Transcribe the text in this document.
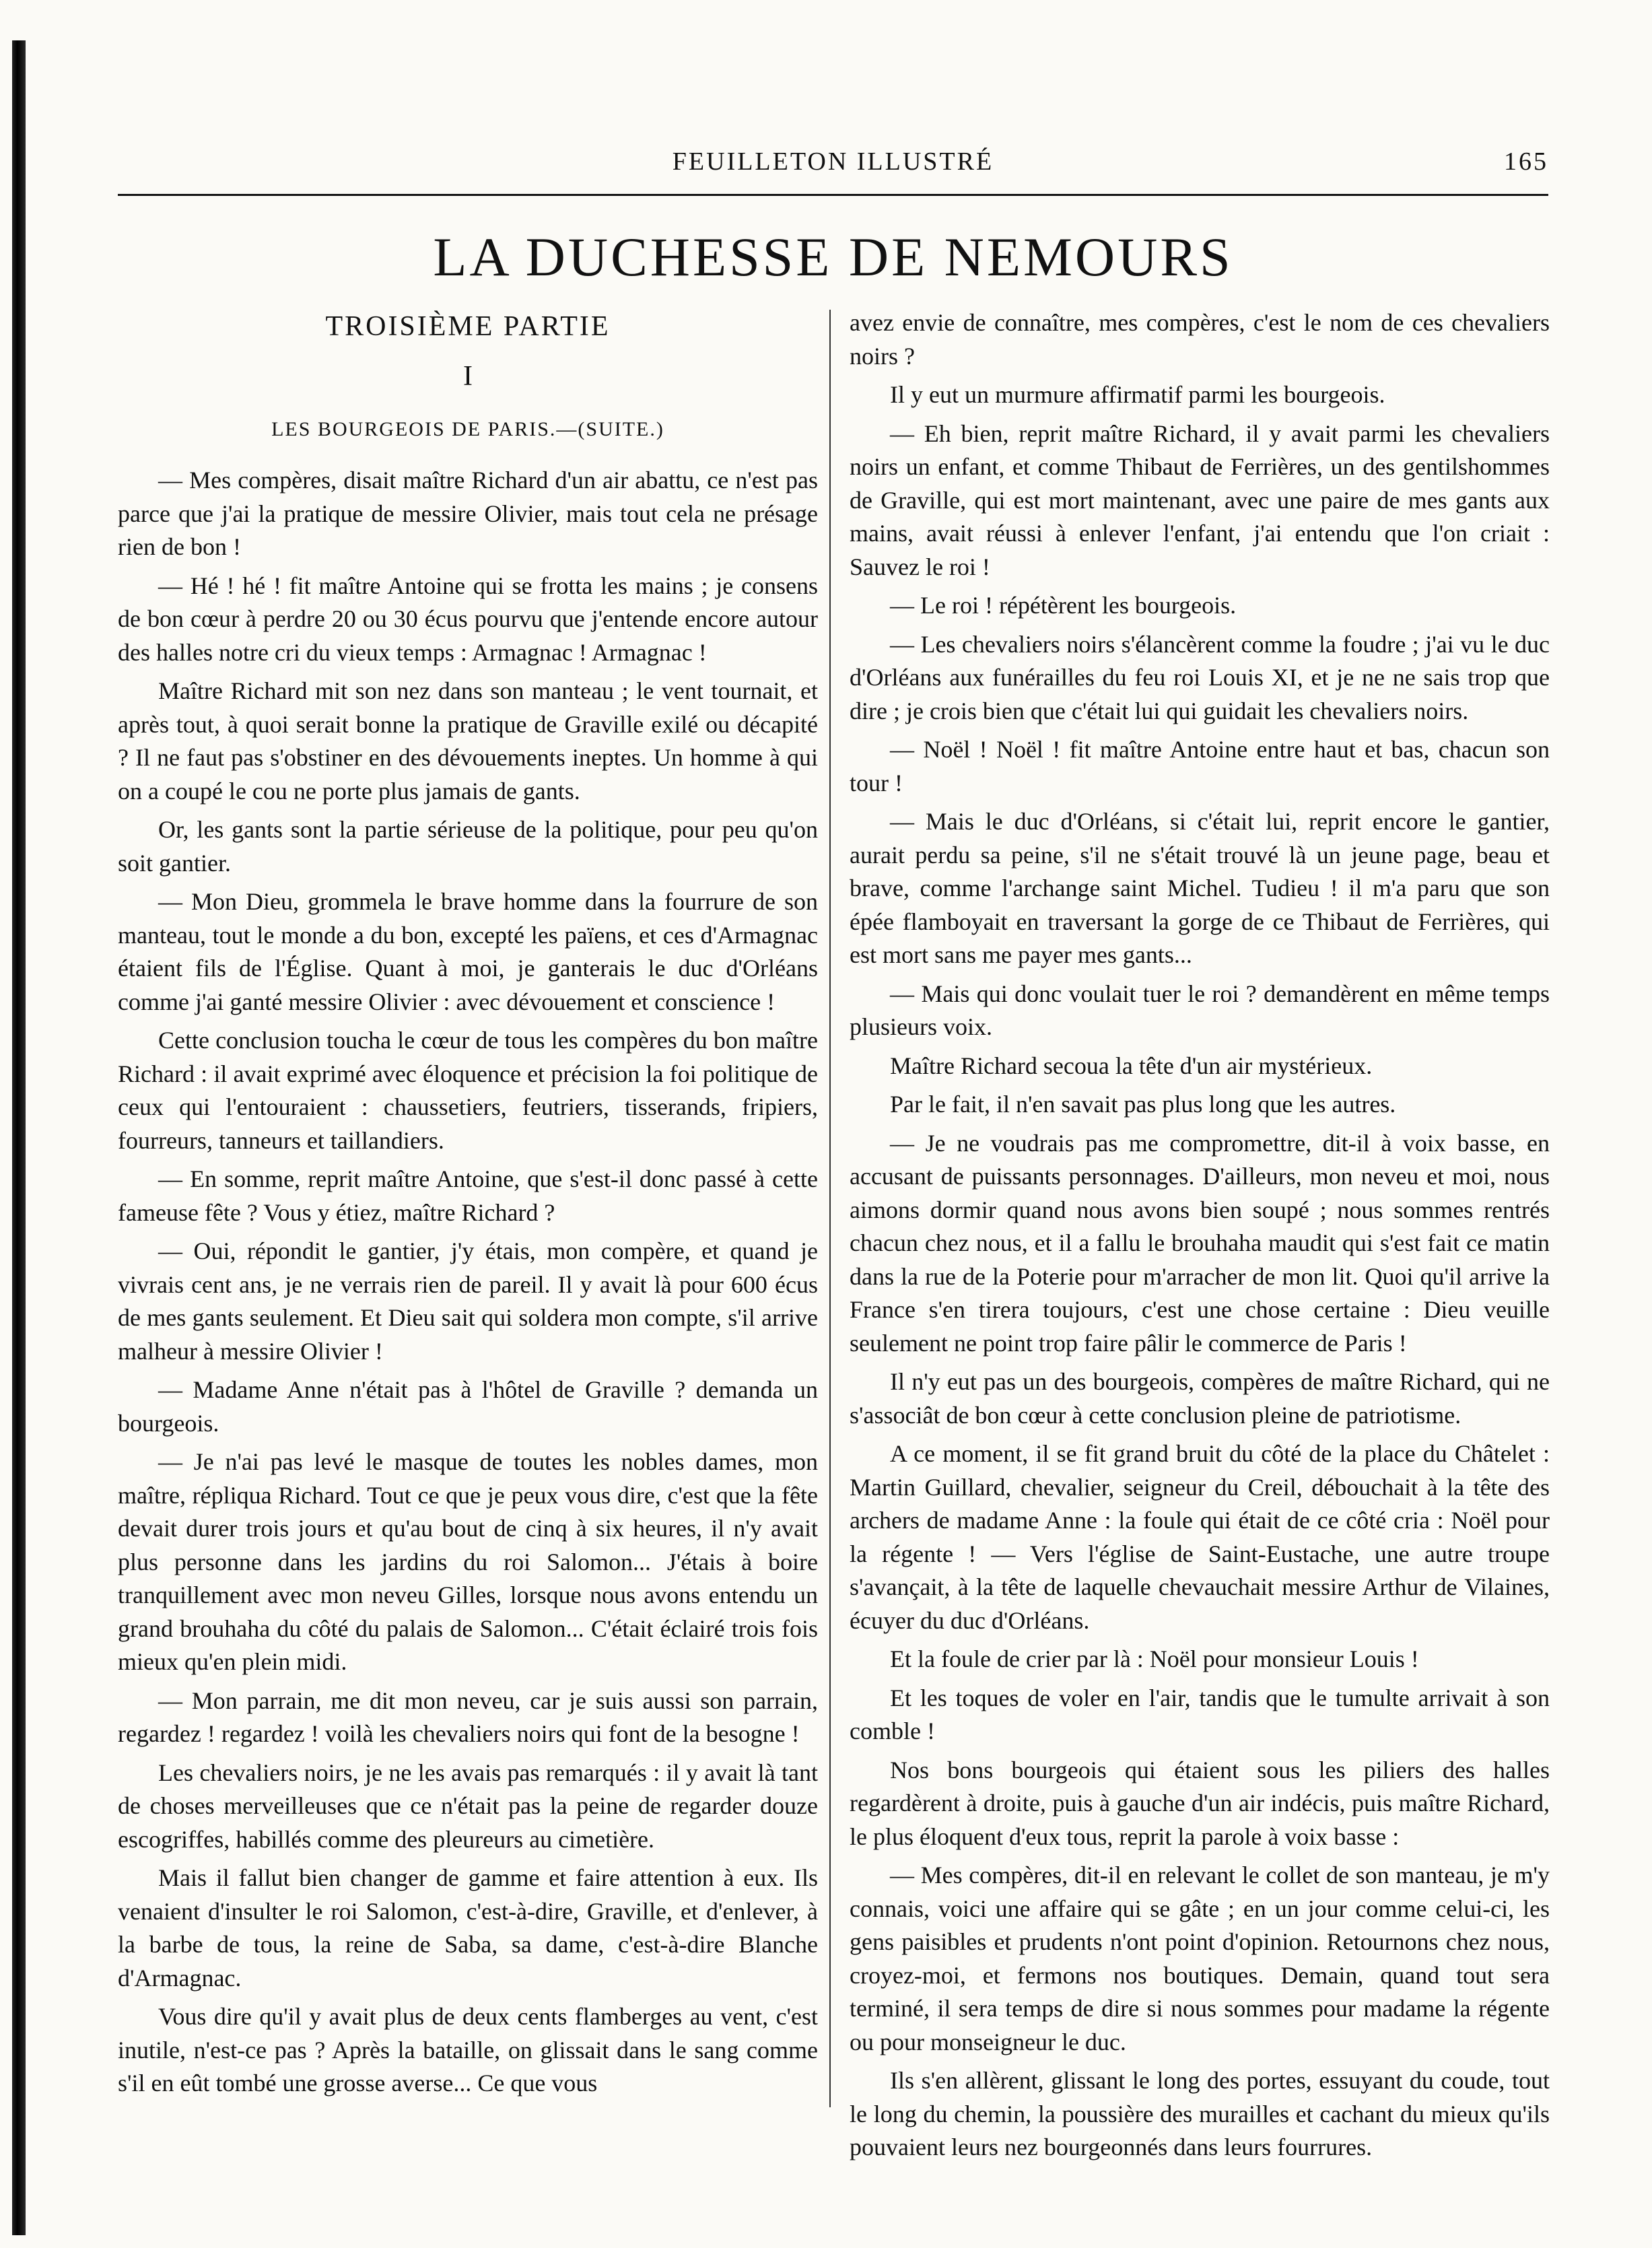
FEUILLETON ILLUSTRÉ	165
LA DUCHESSE DE NEMOURS
TROISIÈME PARTIE
I
LES BOURGEOIS DE PARIS.—(SUITE.)

— Mes compères, disait maître Richard d'un air abattu, ce n'est pas parce que j'ai la pratique de messire Olivier, mais tout cela ne présage rien de bon !

— Hé ! hé ! fit maître Antoine qui se frotta les mains ; je consens de bon cœur à perdre 20 ou 30 écus pourvu que j'entende encore autour des halles notre cri du vieux temps : Armagnac ! Armagnac !

Maître Richard mit son nez dans son manteau ; le vent tournait, et après tout, à quoi serait bonne la pratique de Graville exilé ou décapité ? Il ne faut pas s'obstiner en des dévouements ineptes. Un homme à qui on a coupé le cou ne porte plus jamais de gants.

Or, les gants sont la partie sérieuse de la politique, pour peu qu'on soit gantier.

— Mon Dieu, grommela le brave homme dans la fourrure de son manteau, tout le monde a du bon, excepté les païens, et ces d'Armagnac étaient fils de l'Église. Quant à moi, je ganterais le duc d'Orléans comme j'ai ganté messire Olivier : avec dévouement et conscience !

Cette conclusion toucha le cœur de tous les compères du bon maître Richard : il avait exprimé avec éloquence et précision la foi politique de ceux qui l'entouraient : chaussetiers, feutriers, tisserands, fripiers, fourreurs, tanneurs et taillandiers.

— En somme, reprit maître Antoine, que s'est-il donc passé à cette fameuse fête ? Vous y étiez, maître Richard ?

— Oui, répondit le gantier, j'y étais, mon compère, et quand je vivrais cent ans, je ne verrais rien de pareil. Il y avait là pour 600 écus de mes gants seulement. Et Dieu sait qui soldera mon compte, s'il arrive malheur à messire Olivier !

— Madame Anne n'était pas à l'hôtel de Graville ? demanda un bourgeois.

— Je n'ai pas levé le masque de toutes les nobles dames, mon maître, répliqua Richard. Tout ce que je peux vous dire, c'est que la fête devait durer trois jours et qu'au bout de cinq à six heures, il n'y avait plus personne dans les jardins du roi Salomon... J'étais à boire tranquillement avec mon neveu Gilles, lorsque nous avons entendu un grand brouhaha du côté du palais de Salomon... C'était éclairé trois fois mieux qu'en plein midi.

— Mon parrain, me dit mon neveu, car je suis aussi son parrain, regardez ! regardez ! voilà les chevaliers noirs qui font de la besogne !

Les chevaliers noirs, je ne les avais pas remarqués : il y avait là tant de choses merveilleuses que ce n'était pas la peine de regarder douze escogriffes, habillés comme des pleureurs au cimetière.

Mais il fallut bien changer de gamme et faire attention à eux. Ils venaient d'insulter le roi Salomon, c'est-à-dire, Graville, et d'enlever, à la barbe de tous, la reine de Saba, sa dame, c'est-à-dire Blanche d'Armagnac.

Vous dire qu'il y avait plus de deux cents flamberges au vent, c'est inutile, n'est-ce pas ? Après la bataille, on glissait dans le sang comme s'il en eût tombé une grosse averse... Ce que vous

avez envie de connaître, mes compères, c'est le nom de ces chevaliers noirs ?

Il y eut un murmure affirmatif parmi les bourgeois.

— Eh bien, reprit maître Richard, il y avait parmi les chevaliers noirs un enfant, et comme Thibaut de Ferrières, un des gentilshommes de Graville, qui est mort maintenant, avec une paire de mes gants aux mains, avait réussi à enlever l'enfant, j'ai entendu que l'on criait : Sauvez le roi !

— Le roi ! répétèrent les bourgeois.

— Les chevaliers noirs s'élancèrent comme la foudre ; j'ai vu le duc d'Orléans aux funérailles du feu roi Louis XI, et je ne ne sais trop que dire ; je crois bien que c'était lui qui guidait les chevaliers noirs.

— Noël ! Noël ! fit maître Antoine entre haut et bas, chacun son tour !

— Mais le duc d'Orléans, si c'était lui, reprit encore le gantier, aurait perdu sa peine, s'il ne s'était trouvé là un jeune page, beau et brave, comme l'archange saint Michel. Tudieu ! il m'a paru que son épée flamboyait en traversant la gorge de ce Thibaut de Ferrières, qui est mort sans me payer mes gants...

— Mais qui donc voulait tuer le roi ? demandèrent en même temps plusieurs voix.

Maître Richard secoua la tête d'un air mystérieux.

Par le fait, il n'en savait pas plus long que les autres.

— Je ne voudrais pas me compromettre, dit-il à voix basse, en accusant de puissants personnages. D'ailleurs, mon neveu et moi, nous aimons dormir quand nous avons bien soupé ; nous sommes rentrés chacun chez nous, et il a fallu le brouhaha maudit qui s'est fait ce matin dans la rue de la Poterie pour m'arracher de mon lit. Quoi qu'il arrive la France s'en tirera toujours, c'est une chose certaine : Dieu veuille seulement ne point trop faire pâlir le commerce de Paris !

Il n'y eut pas un des bourgeois, compères de maître Richard, qui ne s'associât de bon cœur à cette conclusion pleine de patriotisme.

A ce moment, il se fit grand bruit du côté de la place du Châtelet : Martin Guillard, chevalier, seigneur du Creil, débouchait à la tête des archers de madame Anne : la foule qui était de ce côté cria : Noël pour la régente ! — Vers l'église de Saint-Eustache, une autre troupe s'avançait, à la tête de laquelle chevauchait messire Arthur de Vilaines, écuyer du duc d'Orléans.

Et la foule de crier par là : Noël pour monsieur Louis !

Et les toques de voler en l'air, tandis que le tumulte arrivait à son comble !

Nos bons bourgeois qui étaient sous les piliers des halles regardèrent à droite, puis à gauche d'un air indécis, puis maître Richard, le plus éloquent d'eux tous, reprit la parole à voix basse :

— Mes compères, dit-il en relevant le collet de son manteau, je m'y connais, voici une affaire qui se gâte ; en un jour comme celui-ci, les gens paisibles et prudents n'ont point d'opinion. Retournons chez nous, croyez-moi, et fermons nos boutiques. Demain, quand tout sera terminé, il sera temps de dire si nous sommes pour madame la régente ou pour monseigneur le duc.

Ils s'en allèrent, glissant le long des portes, essuyant du coude, tout le long du chemin, la poussière des murailles et cachant du mieux qu'ils pouvaient leurs nez bourgeonnés dans leurs fourrures.
